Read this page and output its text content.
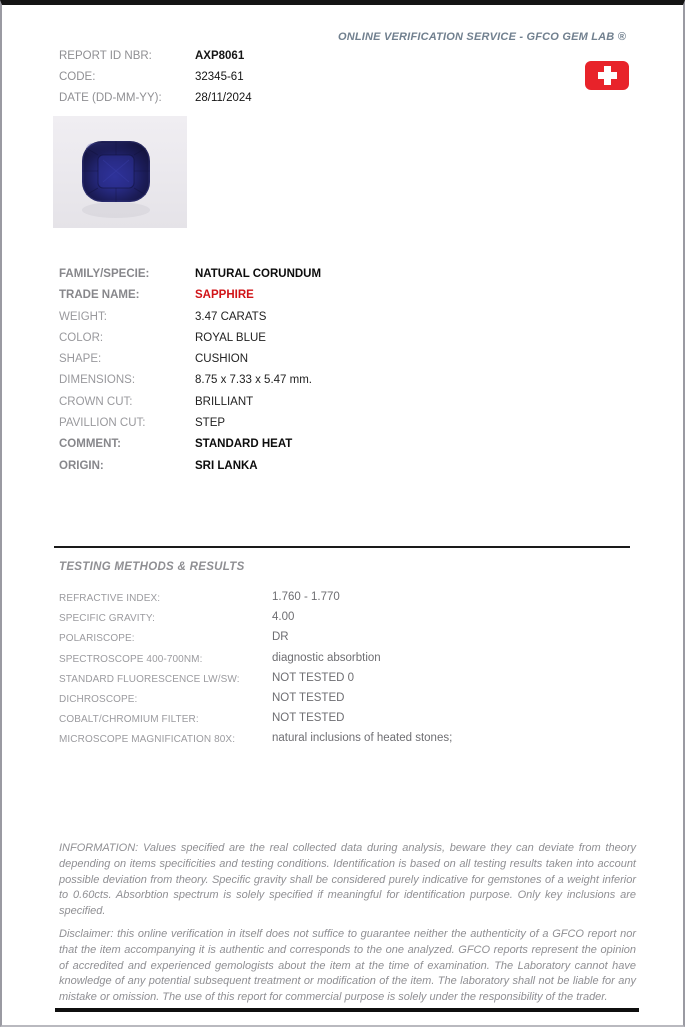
ONLINE VERIFICATION SERVICE - GFCO GEM LAB ®
REPORT ID NBR:	AXP8061
CODE:	32345-61
DATE (DD-MM-YY):	28/11/2024
FAMILY/SPECIE:	NATURAL CORUNDUM
TRADE NAME:	SAPPHIRE
WEIGHT:	3.47 CARATS
COLOR:	ROYAL BLUE
SHAPE:	CUSHION
DIMENSIONS:	8.75 x 7.33 x 5.47 mm.
CROWN CUT:	BRILLIANT
PAVILLION CUT:	STEP
COMMENT:	STANDARD HEAT
ORIGIN:	SRI LANKA
TESTING METHODS & RESULTS
REFRACTIVE INDEX:	1.760 - 1.770
SPECIFIC GRAVITY:	4.00
POLARISCOPE:	DR
SPECTROSCOPE 400-700NM:	diagnostic absorbtion
STANDARD FLUORESCENCE LW/SW:	NOT TESTED 0
DICHROSCOPE:	NOT TESTED
COBALT/CHROMIUM FILTER:	NOT TESTED
MICROSCOPE MAGNIFICATION 80X:	natural inclusions of heated stones;
INFORMATION: Values specified are the real collected data during analysis, beware they can deviate from theory depending on items specificities and testing conditions. Identification is based on all testing results taken into account possible deviation from theory. Specific gravity shall be considered purely indicative for gemstones of a weight inferior to 0.60cts. Absorbtion spectrum is solely specified if meaningful for identification purpose. Only key inclusions are specified.
Disclaimer: this online verification in itself does not suffice to guarantee neither the authenticity of a GFCO report nor that the item accompanying it is authentic and corresponds to the one analyzed. GFCO reports represent the opinion of accredited and experienced gemologists about the item at the time of examination. The Laboratory cannot have knowledge of any potential subsequent treatment or modification of the item. The laboratory shall not be liable for any mistake or omission. The use of this report for commercial purpose is solely under the responsibility of the trader.
